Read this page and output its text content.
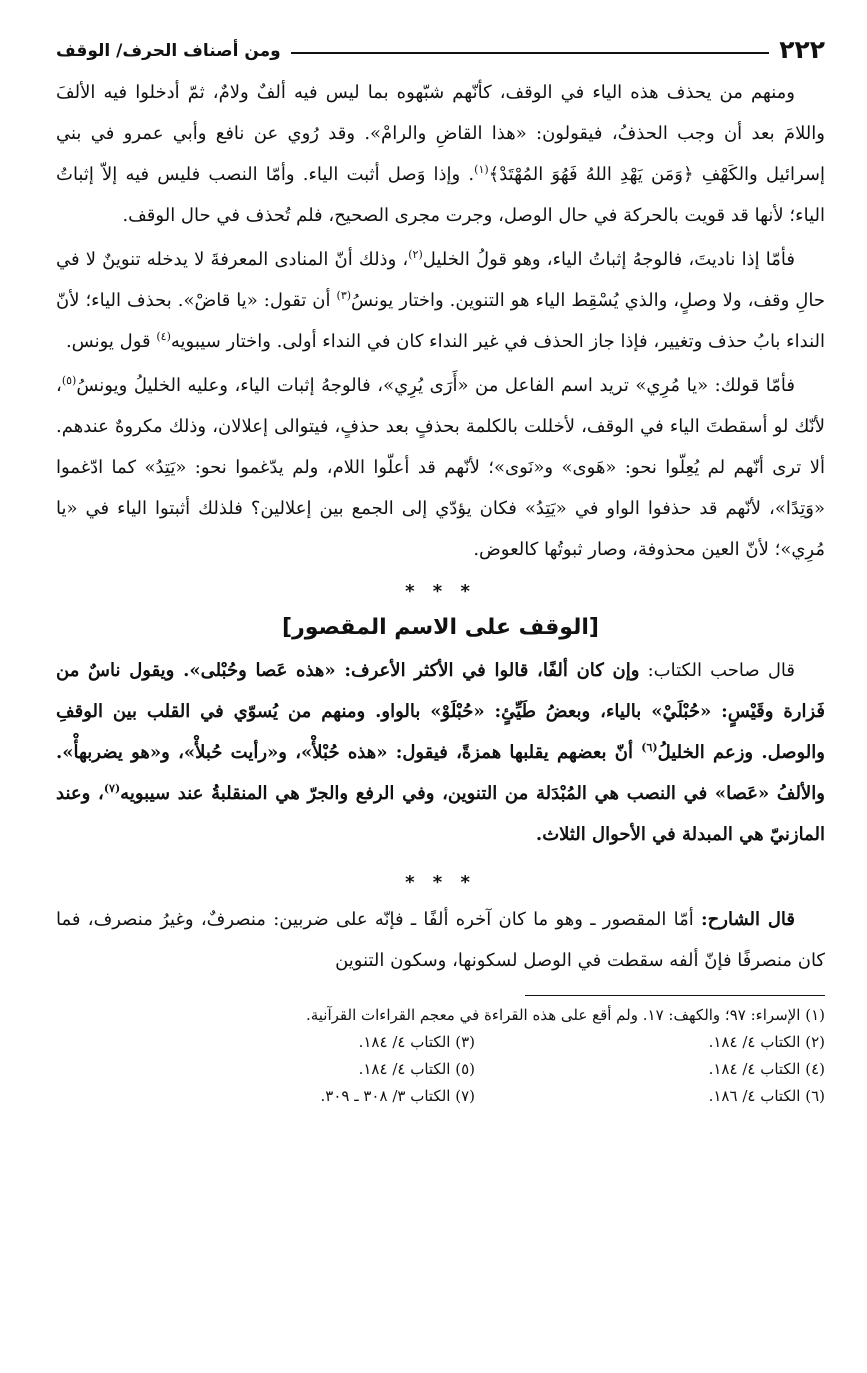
٢٢٢
ومن أصناف الحرف/ الوقف

ومنهم من يحذف هذه الياء في الوقف، كأنّهم شبّهوه بما ليس فيه ألفٌ ولامٌ، ثمّ أدخلوا فيه الألفَ واللامَ بعد أن وجب الحذفُ، فيقولون: «هذا القاضِ والرامْ». وقد رُوي عن نافع وأبي عمرو في بني إسرائيل والكَهْفِ ﴿وَمَن يَهْدِ اللهُ فَهُوَ المُهْتَدْ﴾$^{(١)}$. وإذا وَصل أثبت الياء. وأمّا النصب فليس فيه إلاّ إثباتُ الياء؛ لأنها قد قويت بالحركة في حال الوصل، وجرت مجرى الصحيح، فلم تُحذف في حال الوقف.

فأمّا إذا ناديتَ، فالوجهُ إثباتُ الياء، وهو قولُ الخليل$^{(٢)}$، وذلك أنّ المنادى المعرفةَ لا يدخله تنوينٌ لا في حالِ وقف، ولا وصلٍ، والذي يُسْقِط الياء هو التنوين. واختار يونسُ$^{(٣)}$ أن تقول: «يا قاضْ». بحذف الياء؛ لأنّ النداء بابُ حذف وتغيير، فإذا جاز الحذف في غير النداء كان في النداء أولى. واختار سيبويه$^{(٤)}$ قول يونس.

فأمّا قولك: «يا مُرِي» تريد اسم الفاعل من «أَرَى يُرِي»، فالوجهُ إثبات الياء، وعليه الخليلُ ويونسُ$^{(٥)}$، لأنّك لو أسقطتَ الياء في الوقف، لأخللت بالكلمة بحذفٍ بعد حذفٍ، فيتوالى إعلالان، وذلك مكروهٌ عندهم. ألا ترى أنّهم لم يُعِلّوا نحو: «هَوى» و«نَوى»؛ لأنّهم قد أعلّوا اللام، ولم يدّغموا نحو: «يَتِدُ» كما ادّغموا «وَتِدًا»، لأنّهم قد حذفوا الواو في «يَتِدُ» فكان يؤدّي إلى الجمع بين إعلالين؟ فلذلك أثبتوا الياء في «يا مُرِي»؛ لأنّ العين محذوفة، وصار ثبوتُها كالعوض.

* * *
[الوقف على الاسم المقصور]

قال صاحب الكتاب: وإن كان ألفًا، قالوا في الأكثر الأعرف: «هذه عَصا وحُبْلى». ويقول ناسٌ من فَزارة وقَيْسٍ: «حُبْلَيْ» بالياء، وبعضُ طَيِّئٍ: «حُبْلَوْ» بالواو. ومنهم من يُسوّي في القلب بين الوقفِ والوصل. وزعم الخليلُ$^{(٦)}$ أنّ بعضهم يقلبها همزةً، فيقول: «هذه حُبْلأْ»، و«رأيت حُبلأْ»، و«هو يضربهأْ». والألفُ «عَصا» في النصب هي المُبْدَلة من التنوين، وفي الرفع والجرّ هي المنقلبةُ عند سيبويه$^{(٧)}$، وعند المازنيّ هي المبدلة في الأحوال الثلاث.

* * *

قال الشارح: أمّا المقصور ـ وهو ما كان آخره ألفًا ـ فإنّه على ضربين: منصرفٌ، وغيرُ منصرف، فما كان منصرفًا فإنّ ألفه سقطت في الوصل لسكونها، وسكون التنوين

(١) الإسراء: ٩٧؛ والكهف: ١٧. ولم أقع على هذه القراءة في معجم القراءات القرآنية.
(٢) الكتاب ٤/ ١٨٤.
(٣) الكتاب ٤/ ١٨٤.
(٤) الكتاب ٤/ ١٨٤.
(٥) الكتاب ٤/ ١٨٤.
(٦) الكتاب ٤/ ١٨٦.
(٧) الكتاب ٣/ ٣٠٨ ـ ٣٠٩.
